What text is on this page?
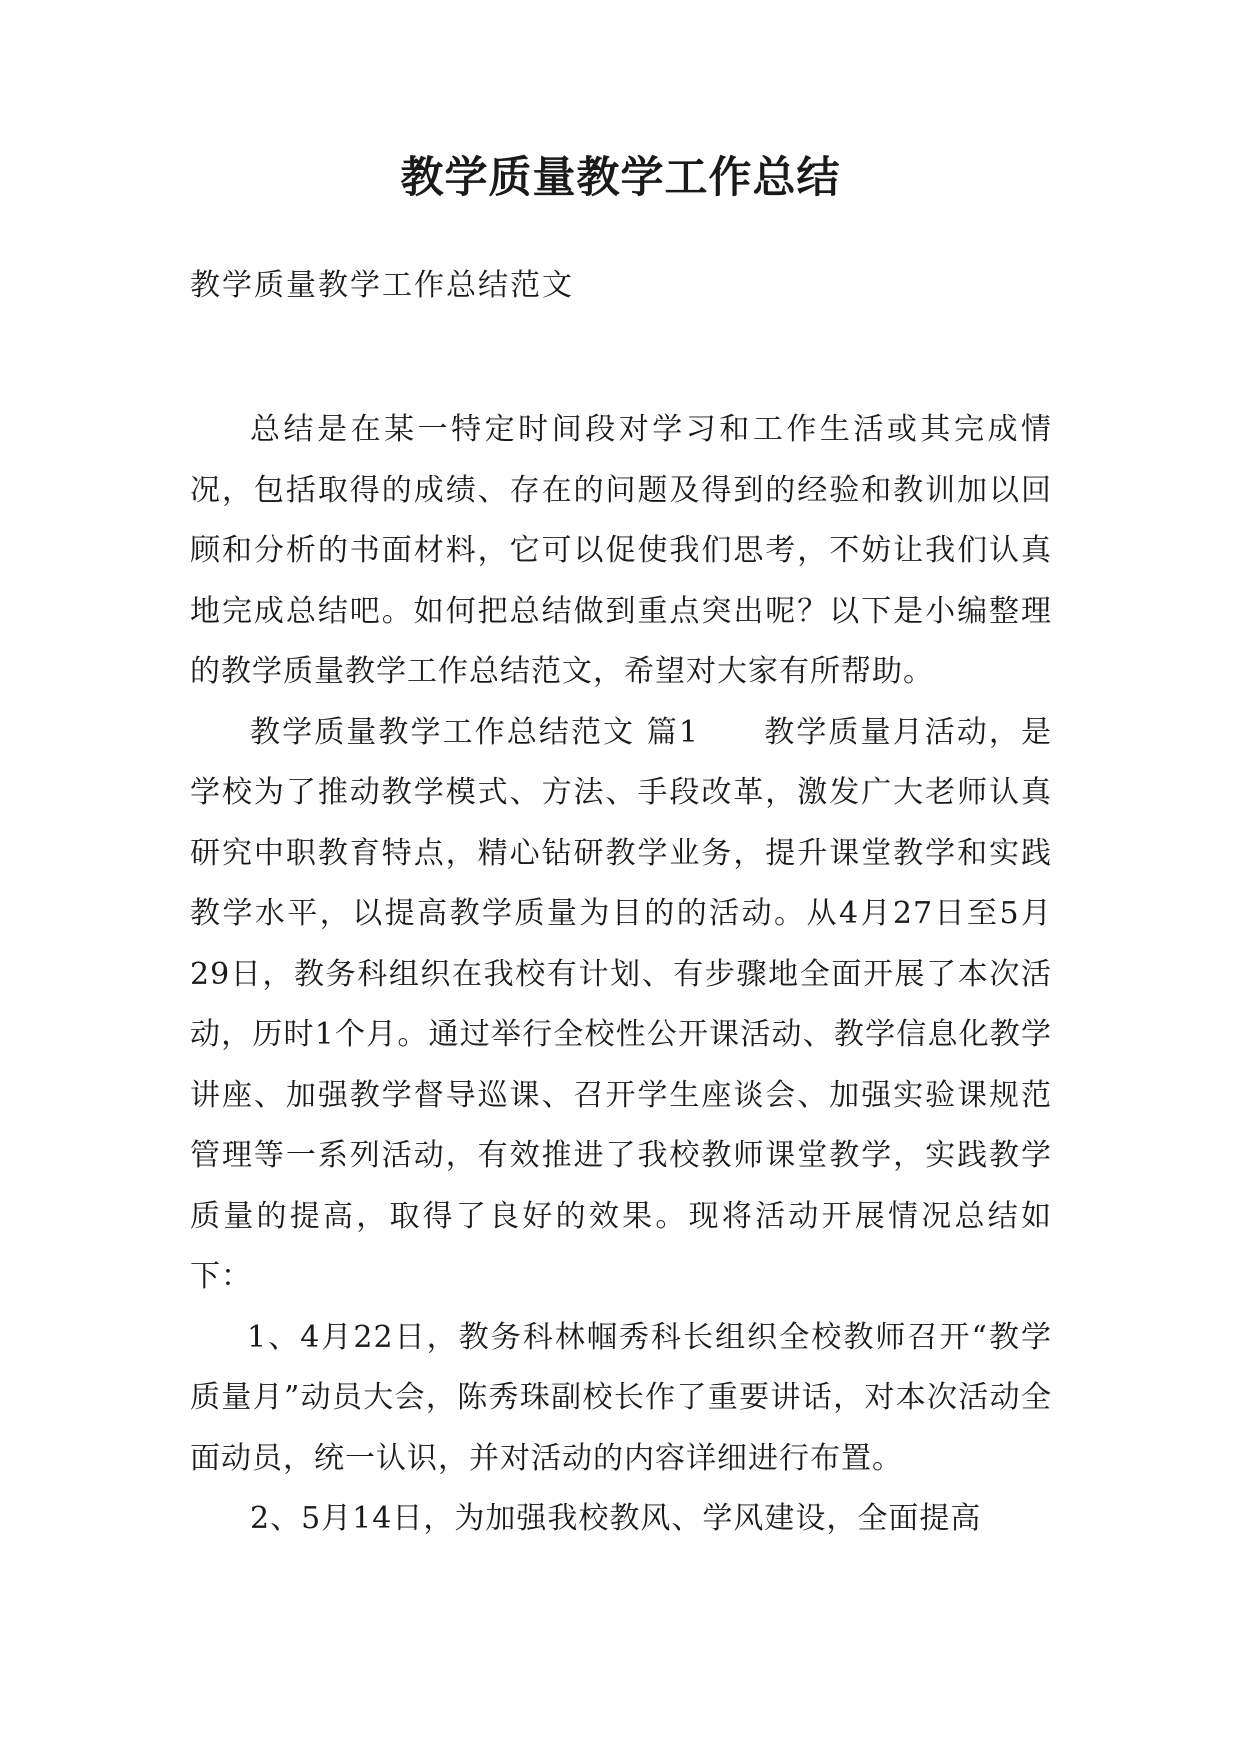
教学质量教学工作总结
教学质量教学工作总结范文

总结是在某一特定时间段对学习和工作生活或其完成情况，包括取得的成绩、存在的问题及得到的经验和教训加以回顾和分析的书面材料，它可以促使我们思考，不妨让我们认真地完成总结吧。如何把总结做到重点突出呢？以下是小编整理的教学质量教学工作总结范文，希望对大家有所帮助。

教学质量教学工作总结范文 篇1　　教学质量月活动，是学校为了推动教学模式、方法、手段改革，激发广大老师认真研究中职教育特点，精心钻研教学业务，提升课堂教学和实践教学水平，以提高教学质量为目的的活动。从4月27日至5月29日，教务科组织在我校有计划、有步骤地全面开展了本次活动，历时1个月。通过举行全校性公开课活动、教学信息化教学讲座、加强教学督导巡课、召开学生座谈会、加强实验课规范管理等一系列活动，有效推进了我校教师课堂教学，实践教学质量的提高，取得了良好的效果。现将活动开展情况总结如下：

1、4月22日，教务科林帼秀科长组织全校教师召开“教学质量月”动员大会，陈秀珠副校长作了重要讲话，对本次活动全面动员，统一认识，并对活动的内容详细进行布置。

2、5月14日，为加强我校教风、学风建设，全面提高
